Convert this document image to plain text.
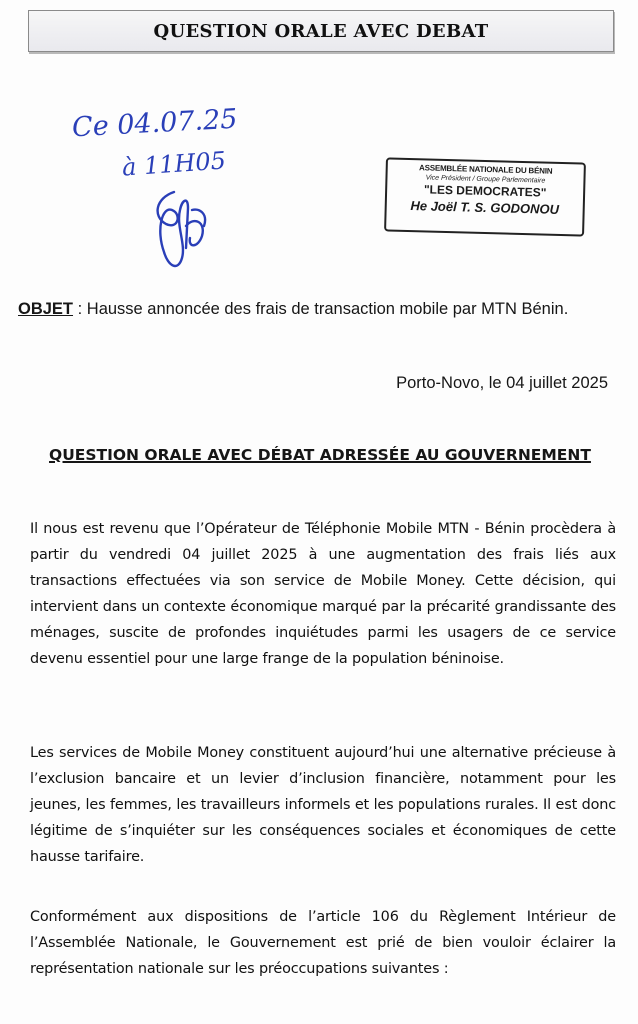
QUESTION ORALE AVEC DEBAT
Ce 04.07.25
à 11H05	ASSEMBLÉE NATIONALE DU BÉNIN
Vice Président / Groupe Parlementaire
"LES DEMOCRATES"
He Joël T. S. GODONOU
OBJET : Hausse annoncée des frais de transaction mobile par MTN Bénin.
Porto-Novo, le 04 juillet 2025
QUESTION ORALE AVEC DÉBAT ADRESSÉE AU GOUVERNEMENT

Il nous est revenu que l’Opérateur de Téléphonie Mobile MTN - Bénin procèdera à partir du vendredi 04 juillet 2025 à une augmentation des frais liés aux transactions effectuées via son service de Mobile Money. Cette décision, qui intervient dans un contexte économique marqué par la précarité grandissante des ménages, suscite de profondes inquiétudes parmi les usagers de ce service devenu essentiel pour une large frange de la population béninoise.

Les services de Mobile Money constituent aujourd’hui une alternative précieuse à l’exclusion bancaire et un levier d’inclusion financière, notamment pour les jeunes, les femmes, les travailleurs informels et les populations rurales. Il est donc légitime de s’inquiéter sur les conséquences sociales et économiques de cette hausse tarifaire.

Conformément aux dispositions de l’article 106 du Règlement Intérieur de l’Assemblée Nationale, le Gouvernement est prié de bien vouloir éclairer la représentation nationale sur les préoccupations suivantes :
